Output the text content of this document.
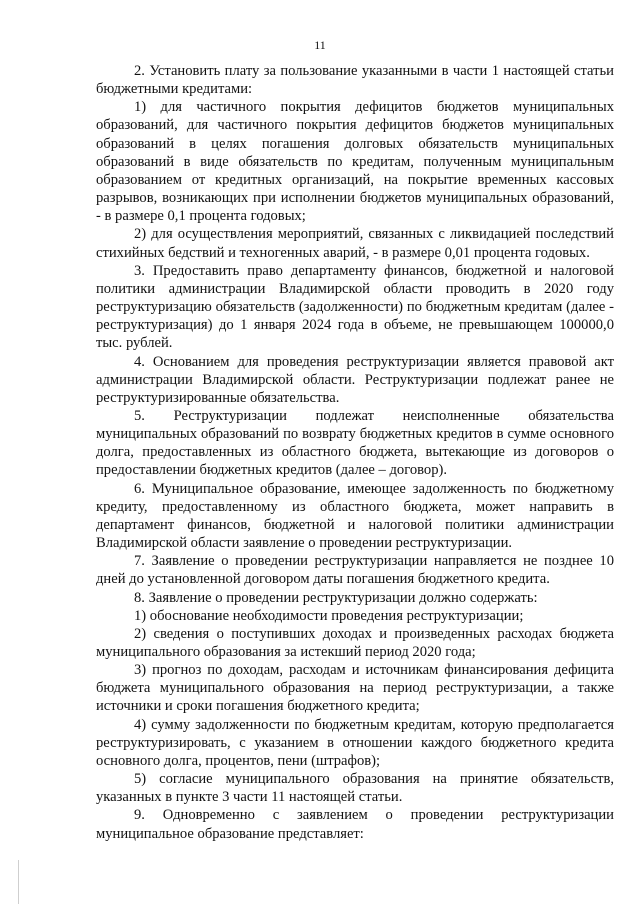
11

2. Установить плату за пользование указанными в части 1 настоящей статьи бюджетными кредитами:

1) для частичного покрытия дефицитов бюджетов муниципальных образований, для частичного покрытия дефицитов бюджетов муниципальных образований в целях погашения долговых обязательств муниципальных образований в виде обязательств по кредитам, полученным муниципальным образованием от кредитных организаций, на покрытие временных кассовых разрывов, возникающих при исполнении бюджетов муниципальных образований, - в размере 0,1 процента годовых;

2) для осуществления мероприятий, связанных с ликвидацией последствий стихийных бедствий и техногенных аварий, - в размере 0,01 процента годовых.

3. Предоставить право департаменту финансов, бюджетной и налоговой политики администрации Владимирской области проводить в 2020 году реструктуризацию обязательств (задолженности) по бюджетным кредитам (далее - реструктуризация) до 1 января 2024 года в объеме, не превышающем 100000,0 тыс. рублей.

4. Основанием для проведения реструктуризации является правовой акт администрации Владимирской области. Реструктуризации подлежат ранее не реструктуризированные обязательства.

5. Реструктуризации подлежат неисполненные обязательства муниципальных образований по возврату бюджетных кредитов в сумме основного долга, предоставленных из областного бюджета, вытекающие из договоров о предоставлении бюджетных кредитов (далее – договор).

6. Муниципальное образование, имеющее задолженность по бюджетному кредиту, предоставленному из областного бюджета, может направить в департамент финансов, бюджетной и налоговой политики администрации Владимирской области заявление о проведении реструктуризации.

7. Заявление о проведении реструктуризации направляется не позднее 10 дней до установленной договором даты погашения бюджетного кредита.

8. Заявление о проведении реструктуризации должно содержать:

1) обоснование необходимости проведения реструктуризации;

2) сведения о поступивших доходах и произведенных расходах бюджета муниципального образования за истекший период 2020 года;

3) прогноз по доходам, расходам и источникам финансирования дефицита бюджета муниципального образования на период реструктуризации, а также источники и сроки погашения бюджетного кредита;

4) сумму задолженности по бюджетным кредитам, которую предполагается реструктуризировать, с указанием в отношении каждого бюджетного кредита основного долга, процентов, пени (штрафов);

5) согласие муниципального образования на принятие обязательств, указанных в пункте 3 части 11 настоящей статьи.

9. Одновременно с заявлением о проведении реструктуризации муниципальное образование представляет:
